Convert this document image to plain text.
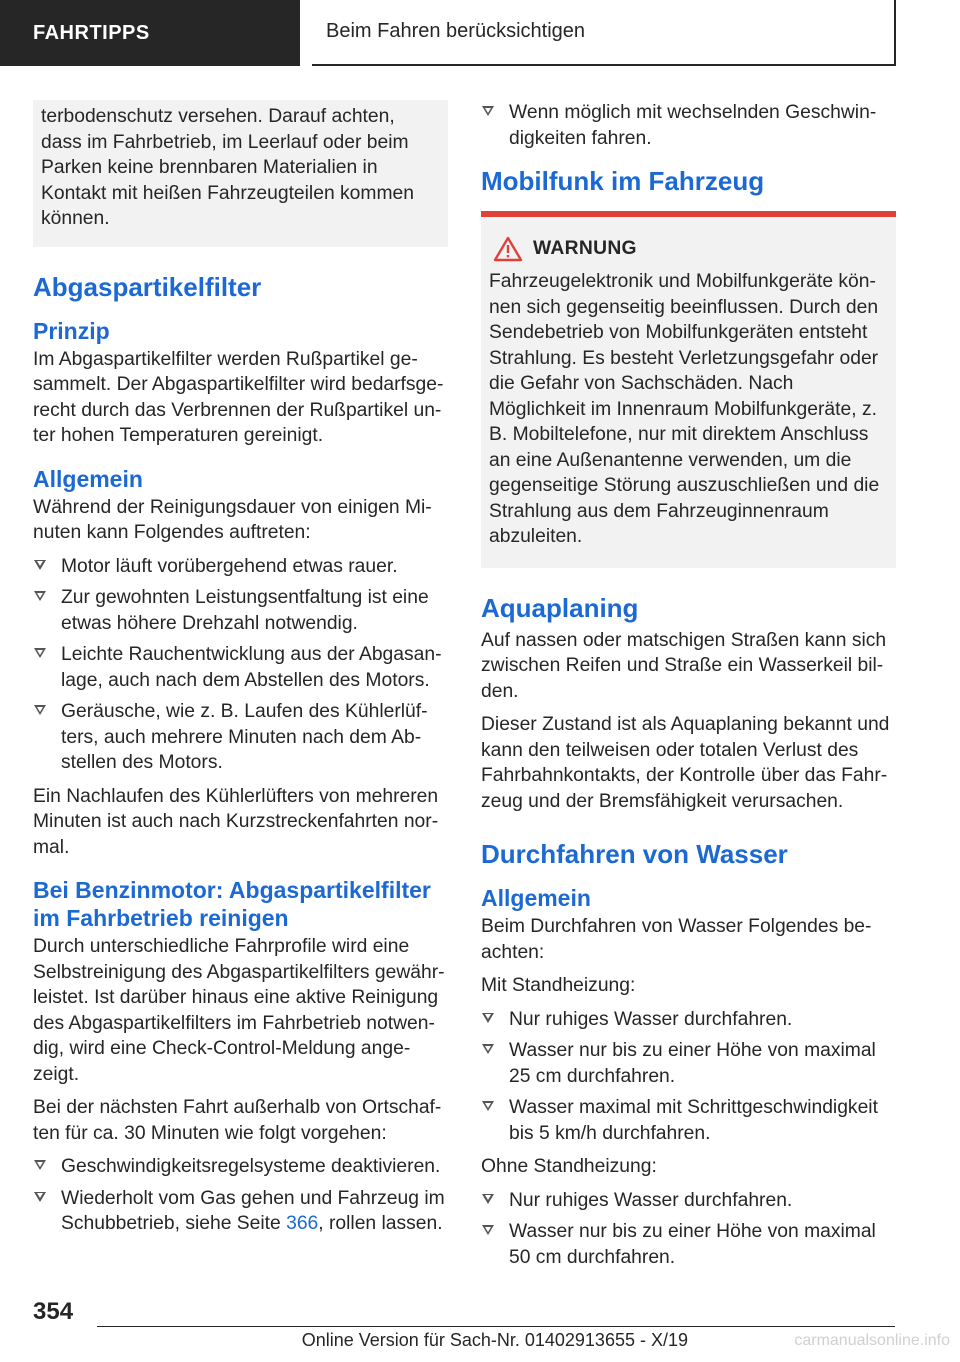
FAHRTIPPS	Beim Fahren berücksichtigen

terbodenschutz versehen. Darauf achten, dass im Fahrbetrieb, im Leerlauf oder beim Parken keine brennbaren Materialien in Kontakt mit heißen Fahrzeugteilen kommen können.

Abgaspartikelfilter
Prinzip

Im Abgaspartikelfilter werden Rußpartikel gesammelt. Der Abgaspartikelfilter wird bedarfsgerecht durch das Verbrennen der Rußpartikel unter hohen Temperaturen gereinigt.

Allgemein

Während der Reinigungsdauer von einigen Minuten kann Folgendes auftreten:

Motor läuft vorübergehend etwas rauer.
Zur gewohnten Leistungsentfaltung ist eine etwas höhere Drehzahl notwendig.
Leichte Rauchentwicklung aus der Abgasanlage, auch nach dem Abstellen des Motors.
Geräusche, wie z. B. Laufen des Kühlerlüfters, auch mehrere Minuten nach dem Abstellen des Motors.

Ein Nachlaufen des Kühlerlüfters von mehreren Minuten ist auch nach Kurzstreckenfahrten normal.

Bei Benzinmotor: Abgaspartikelfilter im Fahrbetrieb reinigen

Durch unterschiedliche Fahrprofile wird eine Selbstreinigung des Abgaspartikelfilters gewährleistet. Ist darüber hinaus eine aktive Reinigung des Abgaspartikelfilters im Fahrbetrieb notwendig, wird eine Check-Control-Meldung angezeigt.

Bei der nächsten Fahrt außerhalb von Ortschaften für ca. 30 Minuten wie folgt vorgehen:

Geschwindigkeitsregelsysteme deaktivieren.
Wiederholt vom Gas gehen und Fahrzeug im Schubbetrieb, siehe Seite 366, rollen lassen.
Wenn möglich mit wechselnden Geschwindigkeiten fahren.
Mobilfunk im Fahrzeug
WARNUNG

Fahrzeugelektronik und Mobilfunkgeräte können sich gegenseitig beeinflussen. Durch den Sendebetrieb von Mobilfunkgeräten entsteht Strahlung. Es besteht Verletzungsgefahr oder die Gefahr von Sachschäden. Nach Möglichkeit im Innenraum Mobilfunkgeräte, z. B. Mobiltelefone, nur mit direktem Anschluss an eine Außenantenne verwenden, um die gegenseitige Störung auszuschließen und die Strahlung aus dem Fahrzeuginnenraum abzuleiten.

Aquaplaning

Auf nassen oder matschigen Straßen kann sich zwischen Reifen und Straße ein Wasserkeil bilden.

Dieser Zustand ist als Aquaplaning bekannt und kann den teilweisen oder totalen Verlust des Fahrbahnkontakts, der Kontrolle über das Fahrzeug und der Bremsfähigkeit verursachen.

Durchfahren von Wasser
Allgemein

Beim Durchfahren von Wasser Folgendes beachten:

Mit Standheizung:

Nur ruhiges Wasser durchfahren.
Wasser nur bis zu einer Höhe von maximal 25 cm durchfahren.
Wasser maximal mit Schrittgeschwindigkeit bis 5 km/h durchfahren.

Ohne Standheizung:

Nur ruhiges Wasser durchfahren.
Wasser nur bis zu einer Höhe von maximal 50 cm durchfahren.
354
Online Version für Sach-Nr. 01402913655 - X/19	carmanualsonline.info
